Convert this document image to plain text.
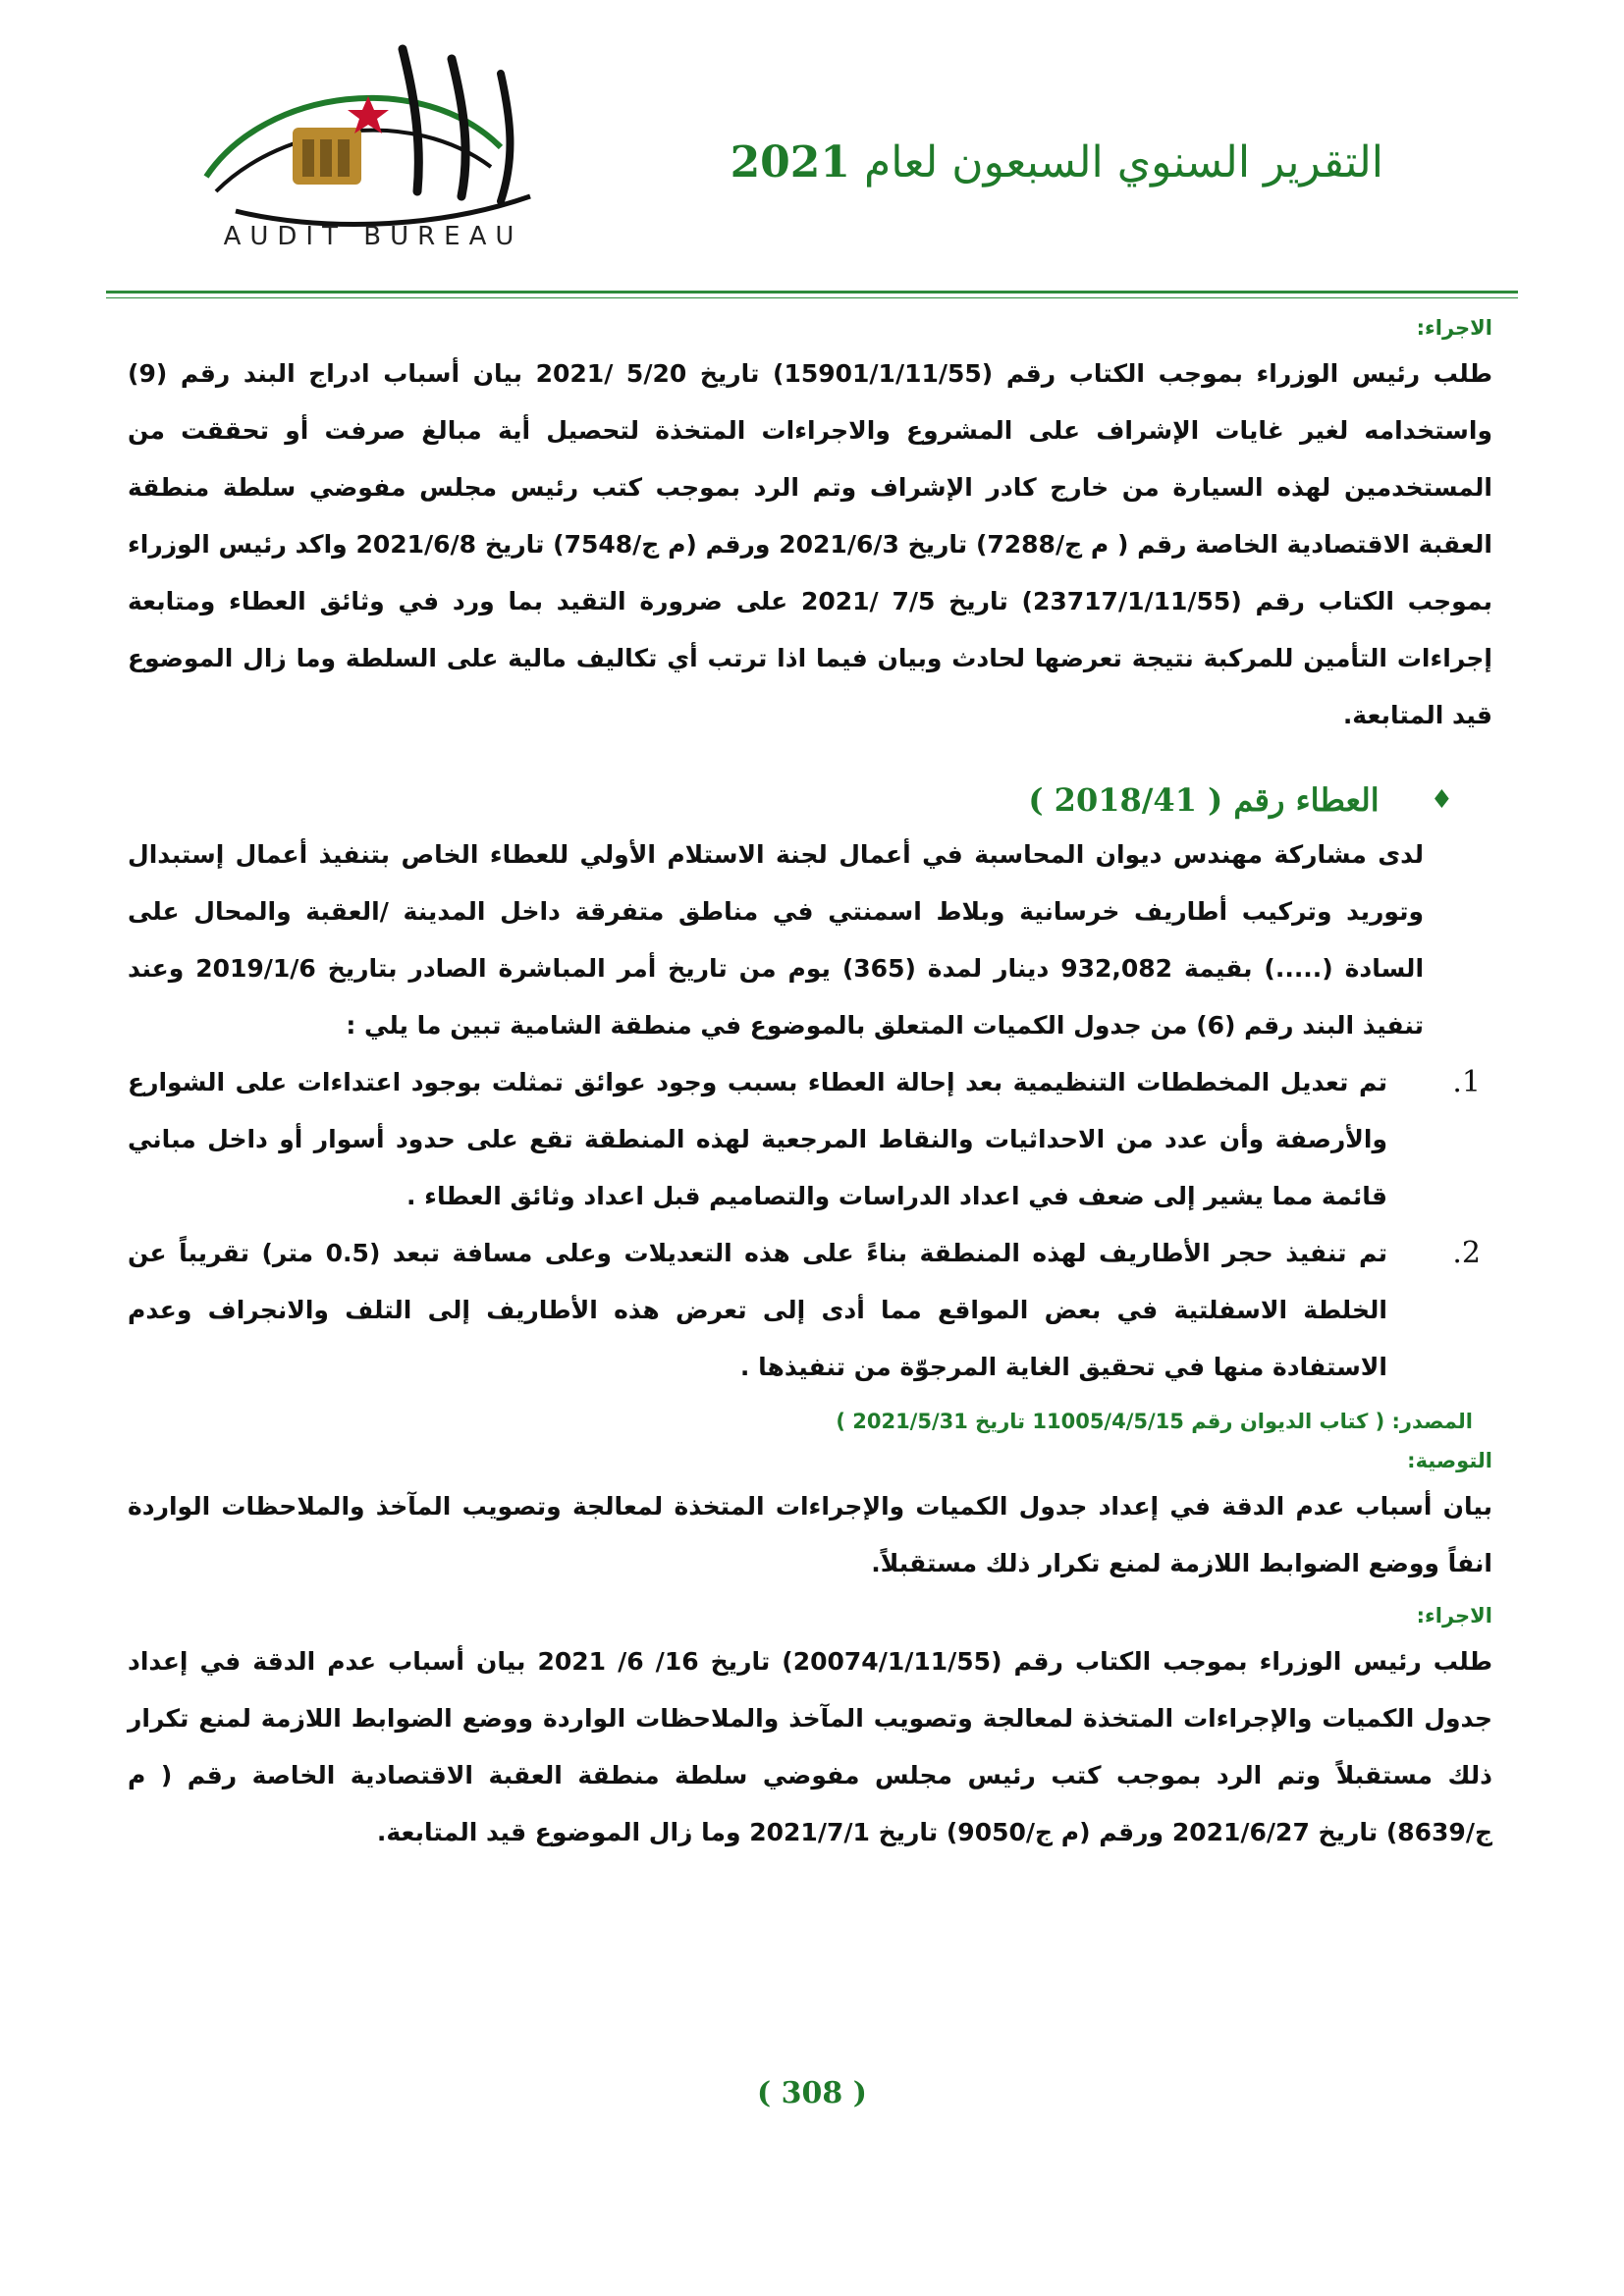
AUDIT BUREAU
التقرير السنوي السبعون لعام 2021
الاجراء:
طلب رئيس الوزراء بموجب الكتاب رقم (15901/1/11/55) تاريخ 5/20 /2021 بيان أسباب ادراج البند رقم (9) واستخدامه لغير غايات الإشراف على المشروع والاجراءات المتخذة لتحصيل أية مبالغ صرفت أو تحققت من المستخدمين لهذه السيارة من خارج كادر الإشراف وتم الرد بموجب كتب رئيس مجلس مفوضي سلطة منطقة العقبة الاقتصادية الخاصة رقم ( م ج/7288) تاريخ 2021/6/3 ورقم (م ج/7548) تاريخ 2021/6/8 واكد رئيس الوزراء بموجب الكتاب رقم (23717/1/11/55) تاريخ 7/5 /2021 على ضرورة التقيد بما ورد في وثائق العطاء ومتابعة إجراءات التأمين للمركبة نتيجة تعرضها لحادث وبيان فيما اذا ترتب أي تكاليف مالية على السلطة وما زال الموضوع قيد المتابعة.
♦
العطاء رقم ( 2018/41 )
لدى مشاركة مهندس ديوان المحاسبة في أعمال لجنة الاستلام الأولي للعطاء الخاص بتنفيذ أعمال إستبدال وتوريد وتركيب أطاريف خرسانية وبلاط اسمنتي في مناطق متفرقة داخل المدينة /العقبة والمحال على السادة (.....) بقيمة 932,082 دينار لمدة (365) يوم من تاريخ أمر المباشرة الصادر بتاريخ 2019/1/6 وعند تنفيذ البند رقم (6) من جدول الكميات المتعلق بالموضوع في منطقة الشامية تبين ما يلي :
1.
تم تعديل المخططات التنظيمية بعد إحالة العطاء بسبب وجود عوائق تمثلت بوجود اعتداءات على الشوارع والأرصفة وأن عدد من الاحداثيات والنقاط المرجعية لهذه المنطقة تقع على حدود أسوار أو داخل مباني قائمة مما يشير إلى ضعف في اعداد الدراسات والتصاميم قبل اعداد وثائق العطاء .
2.
تم تنفيذ حجر الأطاريف لهذه المنطقة بناءً على هذه التعديلات وعلى مسافة تبعد (0.5 متر) تقريباً عن الخلطة الاسفلتية في بعض المواقع مما أدى إلى تعرض هذه الأطاريف إلى التلف والانجراف وعدم الاستفادة منها في تحقيق الغاية المرجوّة من تنفيذها .
المصدر: ( كتاب الديوان رقم 11005/4/5/15 تاريخ 2021/5/31 )
التوصية:
بيان أسباب عدم الدقة في إعداد جدول الكميات والإجراءات المتخذة لمعالجة وتصويب المآخذ والملاحظات الواردة انفاً ووضع الضوابط اللازمة لمنع تكرار ذلك مستقبلاً.
الاجراء:
طلب رئيس الوزراء بموجب الكتاب رقم (20074/1/11/55) تاريخ 16/ 6/ 2021 بيان أسباب عدم الدقة في إعداد جدول الكميات والإجراءات المتخذة لمعالجة وتصويب المآخذ والملاحظات الواردة ووضع الضوابط اللازمة لمنع تكرار ذلك مستقبلاً وتم الرد بموجب كتب رئيس مجلس مفوضي سلطة منطقة العقبة الاقتصادية الخاصة رقم ( م ج/8639) تاريخ 2021/6/27 ورقم (م ج/9050) تاريخ 2021/7/1 وما زال الموضوع قيد المتابعة.
( 308 )
